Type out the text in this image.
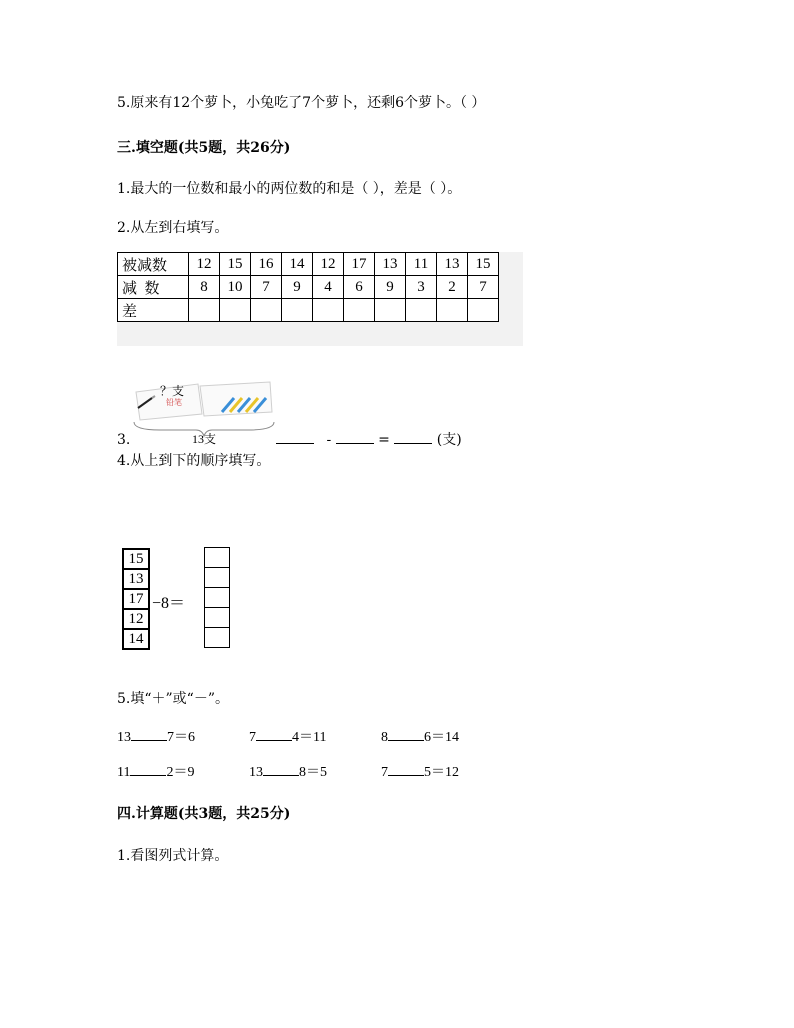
5.原来有12个萝卜，小兔吃了7个萝卜，还剩6个萝卜。（ ）
三.填空题(共5题，共26分)
1.最大的一位数和最小的两位数的和是（ ），差是（ ）。
2.从左到右填写。
被减数	12	15	16	14	12	17	13	11	13	15
减  数	8	10	7	9	4	6	9	3	2	7
差										
？支
铅笔
13支
3.	-	=	(支)
4.从上到下的顺序填写。
15
13
17
12
14
−8＝
5.填“＋”或“－”。
13	7＝6	7	4＝11	8	6＝14
11	2＝9	13	8＝5	7	5＝12
四.计算题(共3题，共25分)
1.看图列式计算。
